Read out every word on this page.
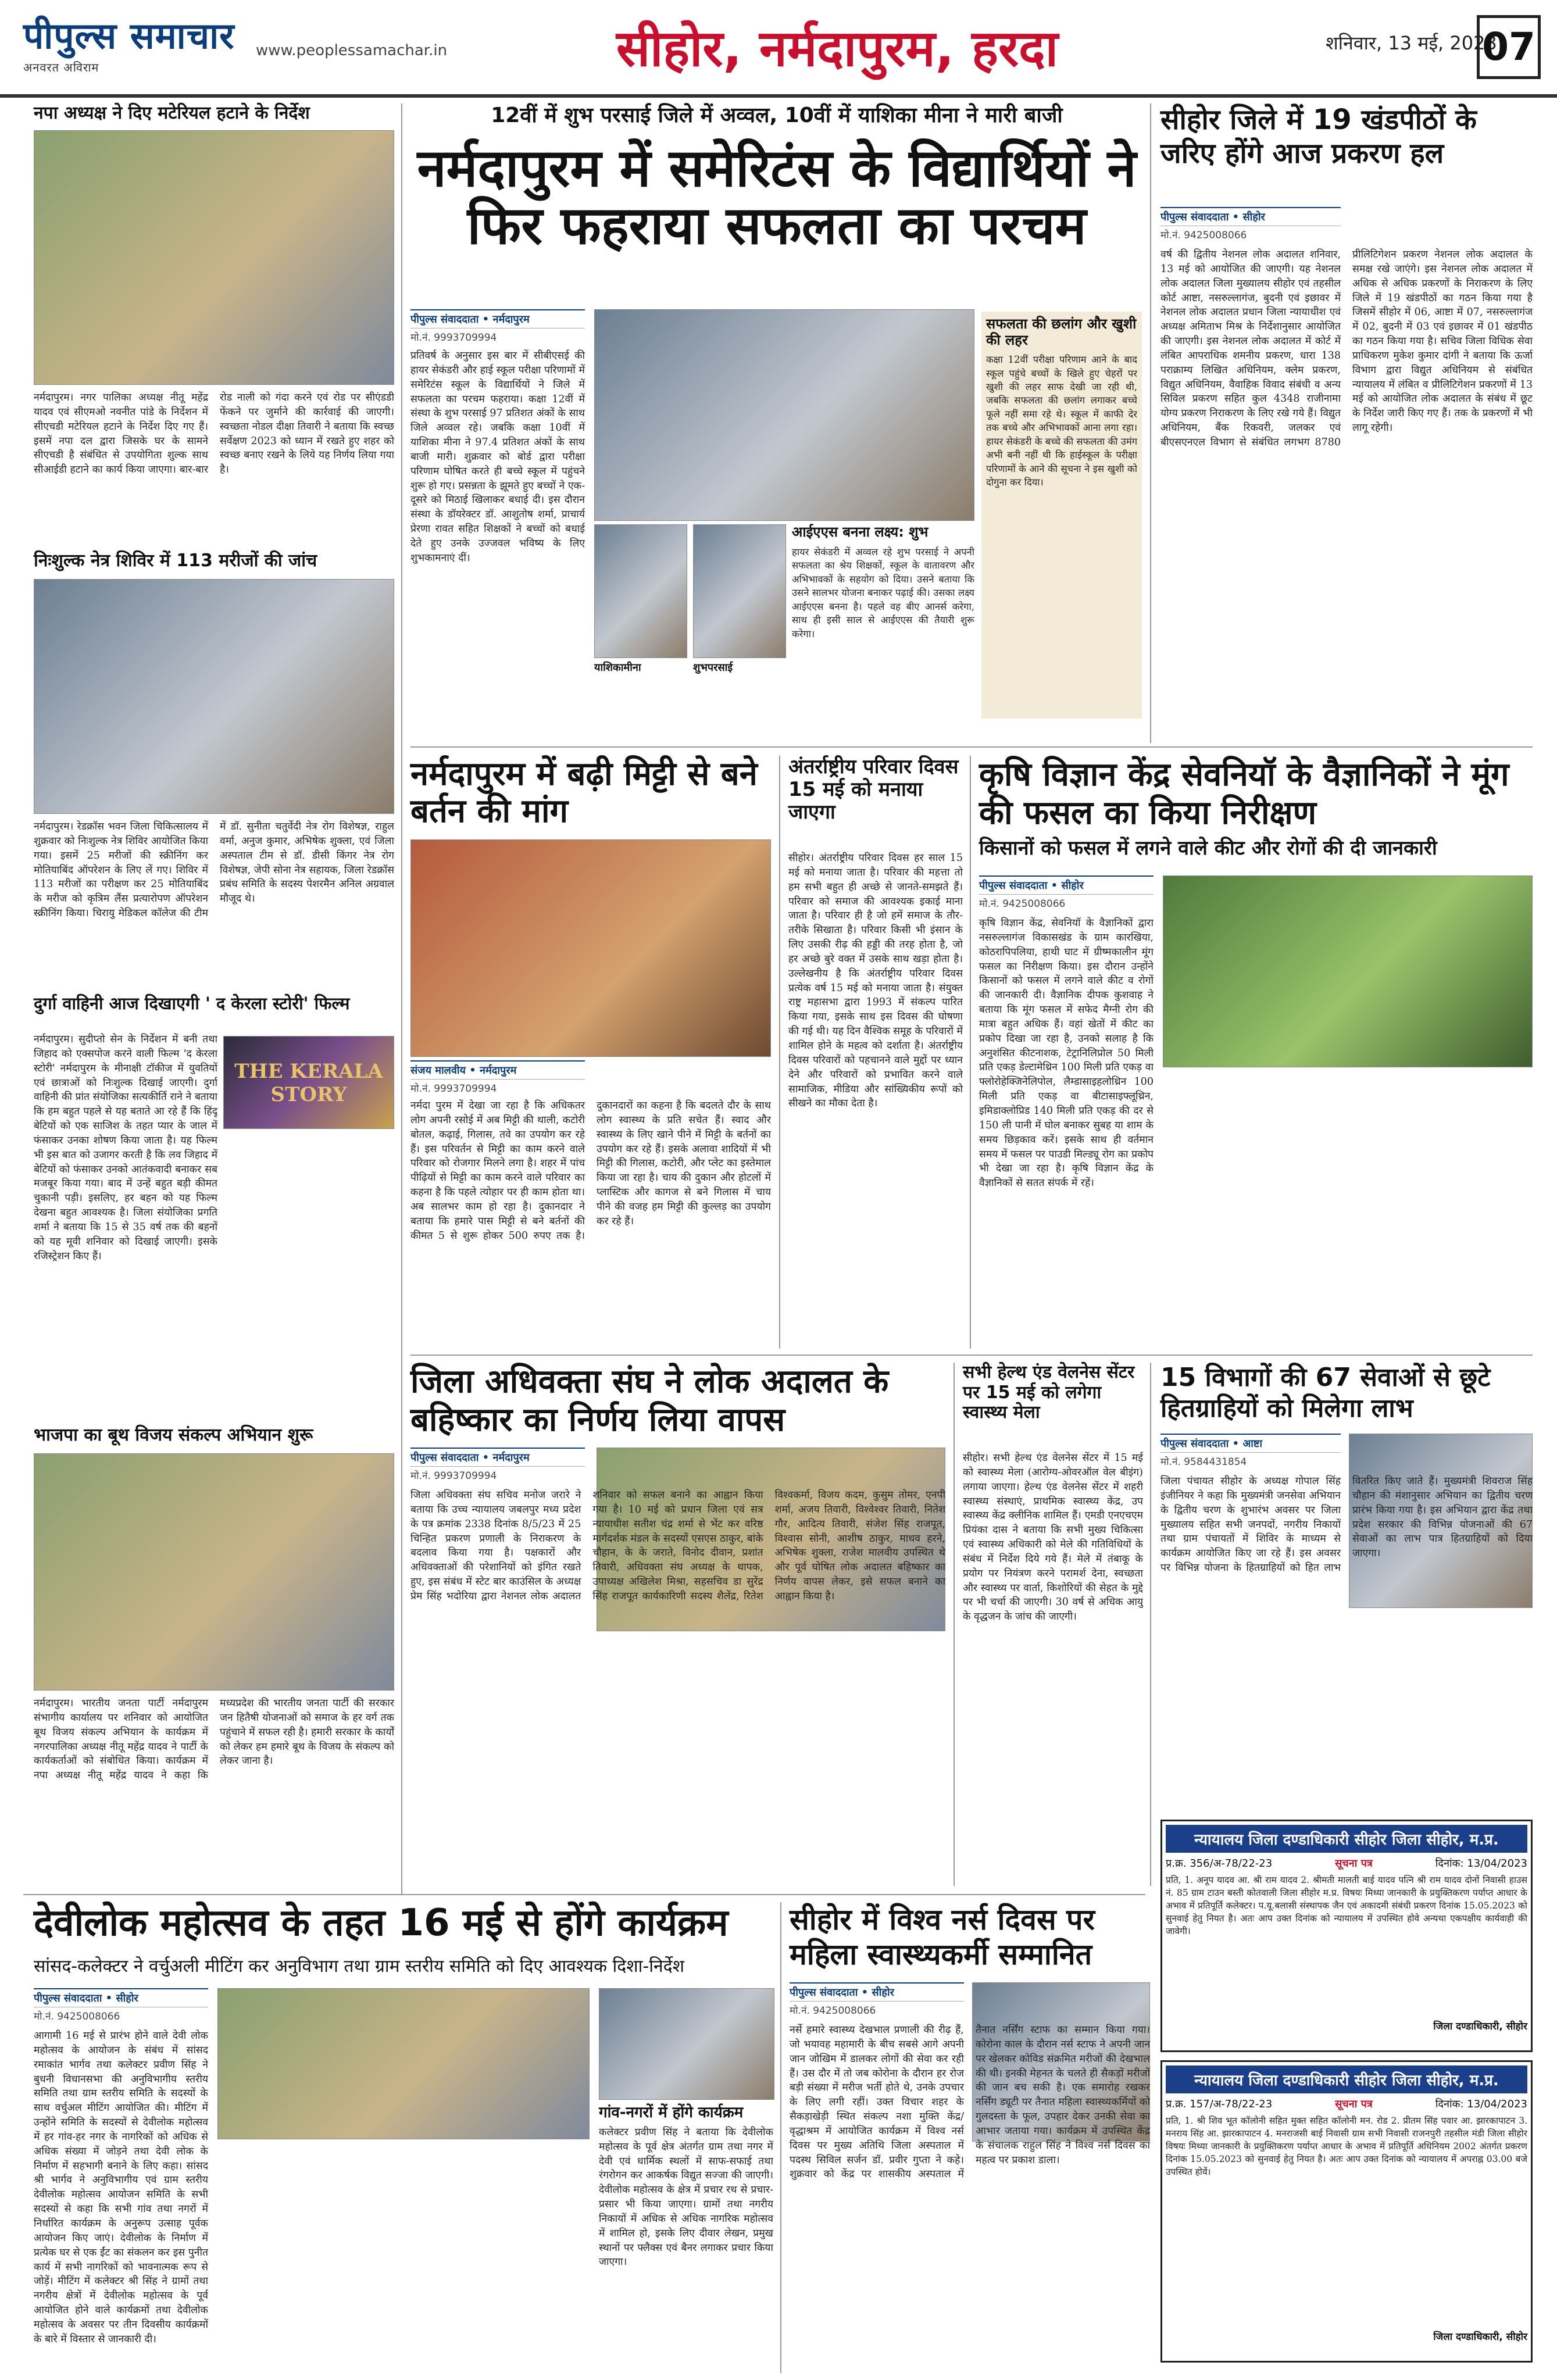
पीपुल्स समाचार
अनवरत अविराम
www.peoplessamachar.in	सीहोर, नर्मदापुरम, हरदा	शनिवार, 13 मई, 2023
07
नपा अध्यक्ष ने दिए मटेरियल हटाने के निर्देश
नर्मदापुरम। नगर पालिका अध्यक्ष नीतू महेंद्र यादव एवं सीएमओ नवनीत पांडे के निर्देशन में सीएचडी मटेरियल हटाने के निर्देश दिए गए हैं। इसमें नपा दल द्वारा जिसके घर के सामने सीएचडी है संबंधित से उपयोगिता शुल्क साथ सीआईडी हटाने का कार्य किया जाएगा। बार-बार रोड नाली को गंदा करने एवं रोड पर सीएंडडी फेंकने पर जुर्माने की कार्रवाई की जाएगी। स्वच्छता नोडल दीक्षा तिवारी ने बताया कि स्वच्छ सर्वेक्षण 2023 को ध्यान में रखते हुए शहर को स्वच्छ बनाए रखने के लिये यह निर्णय लिया गया है।
निःशुल्क नेत्र शिविर में 113 मरीजों की जांच
नर्मदापुरम। रेडक्रॉस भवन जिला चिकित्सालय में शुक्रवार को निःशुल्क नेत्र शिविर आयोजित किया गया। इसमें 25 मरीजों की स्क्रीनिंग कर मोतियाबिंद ऑपरेशन के लिए लें गए। शिविर में 113 मरीजों का परीक्षण कर 25 मोतियाबिंद के मरीज को कृत्रिम लैंस प्रत्यारोपण ऑपरेशन स्क्रीनिंग किया। चिरायु मेडिकल कॉलेज की टीम में डॉ. सुनीता चतुर्वेदी नेत्र रोग विशेषज्ञ, राहुल वर्मा, अनुज कुमार, अभिषेक शुक्ला, एवं जिला अस्पताल टीम से डॉ. डीसी किंगर नेत्र रोग विशेषज्ञ, जेपी सोना नेत्र सहायक, जिला रेडक्रॉस प्रबंध समिति के सदस्य पेशरमैन अनिल अग्रवाल मौजूद थे।
दुर्गा वाहिनी आज दिखाएगी ' द केरला स्टोरी' फिल्म
THE KERALA STORY
नर्मदापुरम। सुदीप्तो सेन के निर्देशन में बनी तथा जिहाद को एक्सपोज करने वाली फिल्म 'द केरला स्टोरी' नर्मदापुरम के मीनाक्षी टॉकीज में युवतियों एवं छात्राओं को निःशुल्क दिखाई जाएगी। दुर्गा वाहिनी की प्रांत संयोजिका सत्यकीर्ति राने ने बताया कि हम बहुत पहले से यह बताते आ रहे हैं कि हिंदू बेटियों को एक साजिश के तहत प्यार के जाल में फंसाकर उनका शोषण किया जाता है। यह फिल्म भी इस बात को उजागर करती है कि लव जिहाद में बेटियों को फंसाकर उनको आतंकवादी बनाकर सब मजबूर किया गया। बाद में उन्हें बहुत बड़ी कीमत चुकानी पड़ी। इसलिए, हर बहन को यह फिल्म देखना बहुत आवश्यक है। जिला संयोजिका प्रगति शर्मा ने बताया कि 15 से 35 वर्ष तक की बहनों को यह मूवी शनिवार को दिखाई जाएगी। इसके रजिस्ट्रेशन किए हैं।
भाजपा का बूथ विजय संकल्प अभियान शुरू
नर्मदापुरम। भारतीय जनता पार्टी नर्मदापुरम संभागीय कार्यालय पर शनिवार को आयोजित बूथ विजय संकल्प अभियान के कार्यक्रम में नगरपालिका अध्यक्ष नीतू महेंद्र यादव ने पार्टी के कार्यकर्ताओं को संबोधित किया। कार्यक्रम में नपा अध्यक्ष नीतू महेंद्र यादव ने कहा कि मध्यप्रदेश की भारतीय जनता पार्टी की सरकार जन हितैषी योजनाओं को समाज के हर वर्ग तक पहुंचाने में सफल रही है। हमारी सरकार के कार्यों को लेकर हम हमारे बूथ के विजय के संकल्प को लेकर जाना है।
12वीं में शुभ परसाई जिले में अव्वल, 10वीं में याशिका मीना ने मारी बाजी
नर्मदापुरम में समेरिटंस के विद्यार्थियों ने फिर फहराया सफलता का परचम
पीपुल्स संवाददाता • नर्मदापुरम
मो.नं. 9993709994
प्रतिवर्ष के अनुसार इस बार में सीबीएसई की हायर सेकंडरी और हाई स्कूल परीक्षा परिणामों में समेरिटंस स्कूल के विद्यार्थियों ने जिले में सफलता का परचम फहराया। कक्षा 12वीं में संस्था के शुभ परसाई 97 प्रतिशत अंकों के साथ जिले अव्वल रहे। जबकि कक्षा 10वीं में याशिका मीना ने 97.4 प्रतिशत अंकों के साथ बाजी मारी। शुक्रवार को बोर्ड द्वारा परीक्षा परिणाम घोषित करते ही बच्चे स्कूल में पहुंचने शुरू हो गए। प्रसन्नता के झूमते हुए बच्चों ने एक-दूसरे को मिठाई खिलाकर बधाई दी। इस दौरान संस्था के डॉयरेक्टर डॉ. आशुतोष शर्मा, प्राचार्य प्रेरणा रावत सहित शिक्षकों ने बच्चों को बधाई देते हुए उनके उज्जवल भविष्य के लिए शुभकामनाएं दीं।
याशिकामीना	शुभपरसाई
आईएएस बनना लक्ष्य: शुभ
हायर सेकंडरी में अव्वल रहे शुभ परसाई ने अपनी सफलता का श्रेय शिक्षकों, स्कूल के वातावरण और अभिभावकों के सहयोग को दिया। उसने बताया कि उसने सालभर योजना बनाकर पढ़ाई की। उसका लक्ष्य आईएएस बनना है। पहले वह बीए आनर्स करेगा, साथ ही इसी साल से आईएएस की तैयारी शुरू करेगा।
सफलता की छलांग और खुशी की लहर
कक्षा 12वीं परीक्षा परिणाम आने के बाद स्कूल पहुंचे बच्चों के खिले हुए चेहरों पर खुशी की लहर साफ देखी जा रही थी, जबकि सफलता की छलांग लगाकर बच्चे फूले नहीं समा रहे थे। स्कूल में काफी देर तक बच्चे और अभिभावकों आना लगा रहा। हायर सेकंडरी के बच्चे की सफलता की उमंग अभी बनी नहीं थी कि हाईस्कूल के परीक्षा परिणामों के आने की सूचना ने इस खुशी को दोगुना कर दिया।
सीहोर जिले में 19 खंडपीठों के जरिए होंगे आज प्रकरण हल
पीपुल्स संवाददाता • सीहोर
मो.नं. 9425008066
वर्ष की द्वितीय नेशनल लोक अदालत शनिवार, 13 मई को आयोजित की जाएगी। यह नेशनल लोक अदालत जिला मुख्यालय सीहोर एवं तहसील कोर्ट आष्टा, नसरुल्लागंज, बुदनी एवं इछावर में नेशनल लोक अदालत प्रधान जिला न्यायाधीश एवं अध्यक्ष अमिताभ मिश्र के निर्देशानुसार आयोजित की जाएगी। इस नेशनल लोक अदालत में कोर्ट में लंबित आपराधिक शमनीय प्रकरण, धारा 138 पराक्राम्य लिखित अधिनियम, क्लेम प्रकरण, विद्युत अधिनियम, वैवाहिक विवाद संबंधी व अन्य सिविल प्रकरण सहित कुल 4348 राजीनामा योग्य प्रकरण निराकरण के लिए रखे गये हैं। विद्युत अधिनियम, बैंक रिकवरी, जलकर एवं बीएसएनएल विभाग से संबंधित लगभग 8780 प्रीलिटिगेशन प्रकरण नेशनल लोक अदालत के समक्ष रखे जाएंगे। इस नेशनल लोक अदालत में अधिक से अधिक प्रकरणों के निराकरण के लिए जिले में 19 खंडपीठों का गठन किया गया है जिसमें सीहोर में 06, आष्टा में 07, नसरुल्लागंज में 02, बुदनी में 03 एवं इछावर में 01 खंडपीठ का गठन किया गया है। सचिव जिला विधिक सेवा प्राधिकरण मुकेश कुमार दांगी ने बताया कि ऊर्जा विभाग द्वारा विद्युत अधिनियम से संबंधित न्यायालय में लंबित व प्रीलिटिगेशन प्रकरणों में 13 मई को आयोजित लोक अदालत के संबंध में छूट के निर्देश जारी किए गए हैं। तक के प्रकरणों में भी लागू रहेगी।
नर्मदापुरम में बढ़ी मिट्टी से बने बर्तन की मांग
संजय मालवीय • नर्मदापुरम
मो.नं. 9993709994
नर्मदा पुरम में देखा जा रहा है कि अधिकतर लोग अपनी रसोई में अब मिट्टी की थाली, कटोरी बोतल, कढ़ाई, गिलास, तवे का उपयोग कर रहे हैं। इस परिवर्तन से मिट्टी का काम करने वाले परिवार को रोजगार मिलने लगा है। शहर में पांच पीढ़ियों से मिट्टी का काम करने वाले परिवार का कहना है कि पहले त्योहार पर ही काम होता था। अब सालभर काम हो रहा है। दुकानदार ने बताया कि हमारे पास मिट्टी से बने बर्तनों की कीमत 5 से शुरू होकर 500 रुपए तक है। दुकानदारों का कहना है कि बदलते दौर के साथ लोग स्वास्थ्य के प्रति सचेत हैं। स्वाद और स्वास्थ्य के लिए खाने पीने में मिट्टी के बर्तनों का उपयोग कर रहे हैं। इसके अलावा शादियों में भी मिट्टी की गिलास, कटोरी, और प्लेट का इस्तेमाल किया जा रहा है। चाय की दुकान और होटलों में प्लास्टिक और कागज से बने गिलास में चाय पीने की वजह हम मिट्टी की कुल्लड़ का उपयोग कर रहे हैं।
अंतर्राष्ट्रीय परिवार दिवस 15 मई को मनाया जाएगा
सीहोर। अंतर्राष्ट्रीय परिवार दिवस हर साल 15 मई को मनाया जाता है। परिवार की महत्ता तो हम सभी बहुत ही अच्छे से जानते-समझते हैं। परिवार को समाज की आवश्यक इकाई माना जाता है। परिवार ही है जो हमें समाज के तौर-तरीके सिखाता है। परिवार किसी भी इंसान के लिए उसकी रीढ़ की हड्डी की तरह होता है, जो हर अच्छे बुरे वक्त में उसके साथ खड़ा होता है। उल्लेखनीय है कि अंतर्राष्ट्रीय परिवार दिवस प्रत्येक वर्ष 15 मई को मनाया जाता है। संयुक्त राष्ट्र महासभा द्वारा 1993 में संकल्प पारित किया गया, इसके साथ इस दिवस की घोषणा की गई थी। यह दिन वैश्विक समूह के परिवारों में शामिल होने के महत्व को दर्शाता है। अंतर्राष्ट्रीय दिवस परिवारों को पहचानने वाले मुद्दों पर ध्यान देने और परिवारों को प्रभावित करने वाले सामाजिक, मीडिया और सांख्यिकीय रूपों को सीखने का मौका देता है।
कृषि विज्ञान केंद्र सेवनियॉ के वैज्ञानिकों ने मूंग की फसल का किया निरीक्षण
किसानों को फसल में लगने वाले कीट और रोगों की दी जानकारी
पीपुल्स संवाददाता • सीहोर
मो.नं. 9425008066
कृषि विज्ञान केंद्र, सेवनियॉ के वैज्ञानिकों द्वारा नसरुल्लागंज विकासखंड के ग्राम कारखिया, कोठरापिपलिया, हाथी घाट में ग्रीष्मकालीन मूंग फसल का निरीक्षण किया। इस दौरान उन्होंने किसानों को फसल में लगने वाले कीट व रोगों की जानकारी दी। वैज्ञानिक दीपक कुशवाह ने बताया कि मूंग फसल में सफेद मैग्नी रोग की मात्रा बहुत अधिक हैं। वहां खेतों में कीट का प्रकोप दिखा जा रहा है, उनको सलाह है कि अनुशंसित कीटनाशक, टेट्रानिलिप्रोल 50 मिली प्रति एकड़ डेल्टामेथ्रिन 100 मिली प्रति एकड़ वा फ्लोरोहेक्जिनेलिपोल, लैम्डासाइहलोथ्रिन 100 मिली प्रति एकड़ वा बीटासाइफ्लूथ्रिन, इमिडाक्लोप्रिड 140 मिली प्रति एकड़ की दर से 150 ली पानी में घोल बनाकर सुबह या शाम के समय छिड़काव करें। इसके साथ ही वर्तमान समय में फसल पर पाउडी मिल्ड्यू रोग का प्रकोप भी देखा जा रहा है। कृषि विज्ञान केंद्र के वैज्ञानिकों से सतत संपर्क में रहें।
जिला अधिवक्ता संघ ने लोक अदालत के बहिष्कार का निर्णय लिया वापस
पीपुल्स संवाददाता • नर्मदापुरम
मो.नं. 9993709994
जिला अधिवक्ता संघ सचिव मनोज जरारे ने बताया कि उच्च न्यायालय जबलपुर मध्य प्रदेश के पत्र क्रमांक 2338 दिनांक 8/5/23 में 25 चिन्हित प्रकरण प्रणाली के निराकरण के बदलाव किया गया है। पक्षकारों और अधिवक्ताओं की परेशानियों को इंगित रखते हुए, इस संबंध में स्टेट बार काउंसिल के अध्यक्ष प्रेम सिंह भदोरिया द्वारा नेशनल लोक अदालत शनिवार को सफल बनाने का आह्वान किया गया है। 10 मई को प्रधान जिला एवं सत्र न्यायाधीश सतीश चंद्र शर्मा से भेंट कर वरिष्ठ मार्गदर्शक मंडल के सदस्यों एसएस ठाकुर, बांके चौहान, के के जराते, विनोद दीवान, प्रशांत तिवारी, अधिवक्ता संघ अध्यक्ष के थापक, उपाध्यक्ष अखिलेश मिश्रा, सहसचिव डा सुरेंद्र सिंह राजपूत कार्यकारिणी सदस्य शैलेंद्र, रितेश विश्वकर्मा, विजय कदम, कुसुम तोमर, एनपी शर्मा, अजय तिवारी, विश्वेश्वर तिवारी, नितेश गौर, आदित्य तिवारी, संजेश सिंह राजपूत, विश्वास सोनी, आशीष ठाकुर, माधव हरने, अभिषेक शुक्ला, राजेश मालवीय उपस्थित थे और पूर्व घोषित लोक अदालत बहिष्कार का निर्णय वापस लेकर, इसे सफल बनाने का आह्वान किया है।
सभी हेल्थ एंड वेलनेस सेंटर पर 15 मई को लगेगा स्वास्थ्य मेला
सीहोर। सभी हेल्थ एंड वेलनेस सेंटर में 15 मई को स्वास्थ्य मेला (आरोग्य-ओवरऑल वेल बीइंग) लगाया जाएगा। हेल्थ एंड वेलनेस सेंटर में शहरी स्वास्थ्य संस्थाएं, प्राथमिक स्वास्थ्य केंद्र, उप स्वास्थ्य केंद्र क्लीनिक शामिल हैं। एमडी एनएचएम प्रियंका दास ने बताया कि सभी मुख्य चिकित्सा एवं स्वास्थ्य अधिकारी को मेले की गतिविधियों के संबंध में निर्देश दिये गये हैं। मेले में तंबाकू के प्रयोग पर नियंत्रण करने परामर्श देना, स्वच्छता और स्वास्थ्य पर वार्ता, किशोरियों की सेहत के मुद्दे पर भी चर्चा की जाएगी। 30 वर्ष से अधिक आयु के वृद्धजन के जांच की जाएगी।
15 विभागों की 67 सेवाओं से छूटे हितग्राहियों को मिलेगा लाभ
पीपुल्स संवाददाता • आष्टा
मो.नं. 9584431854
जिला पंचायत सीहोर के अध्यक्ष गोपाल सिंह इंजीनियर ने कहा कि मुख्यमंत्री जनसेवा अभियान के द्वितीय चरण के शुभारंभ अवसर पर जिला मुख्यालय सहित सभी जनपदों, नगरीय निकायों तथा ग्राम पंचायतों में शिविर के माध्यम से कार्यक्रम आयोजित किए जा रहे हैं। इस अवसर पर विभिन्न योजना के हितग्राहियों को हित लाभ वितरित किए जाते हैं। मुख्यमंत्री शिवराज सिंह चौहान की मंशानुसार अभियान का द्वितीय चरण प्रारंभ किया गया है। इस अभियान द्वारा केंद्र तथा प्रदेश सरकार की विभिन्न योजनाओं की 67 सेवाओं का लाभ पात्र हितग्राहियों को दिया जाएगा।
न्यायालय जिला दण्डाधिकारी सीहोर जिला सीहोर, म.प्र.
प्र.क्र. 356/अ-78/22-23	सूचना पत्र	दिनांक: 13/04/2023
प्रति, 1. अनूप यादव आ. श्री राम यादव 2. श्रीमती मालती बाई यादव पत्नि श्री राम यादव दोनों निवासी हाउस नं. 85 ग्राम टाउन बस्ती कोतवाली जिला सीहोर म.प्र. विषयः मिथ्या जानकारी के प्रयुक्तिकरण पर्याप्त आधार के अभाव में प्रतिपूर्ति कलेक्टर। प.यू.बलासी संस्थापक जैन एवं अकादमी संबंधी प्रकरण दिनांक 15.05.2023 को सुनवाई हेतु नियत है। अतः आप उक्त दिनांक को न्यायालय में उपस्थित होवे अन्यथा एकपक्षीय कार्यवाही की जावेगी।
जिला दण्डाधिकारी, सीहोर
न्यायालय जिला दण्डाधिकारी सीहोर जिला सीहोर, म.प्र.
प्र.क्र. 157/अ-78/22-23	सूचना पत्र	दिनांक: 13/04/2023
प्रति, 1. श्री शिव भूत कॉलोनी सहित मुक्त सहित कॉलोनी मन. रोड 2. प्रीतम सिंह पवार आ. झारकापाटन 3. मनराय सिंह आ. झारकापाटन 4. मनराजसी बाई निवासी ग्राम सभी निवासी राजनपुरी तहसील मंडी जिला सीहोर विषयः मिथ्या जानकारी के प्रयुक्तिकरण पर्याप्त आधार के अभाव में प्रतिपूर्ति अधिनियम 2002 अंतर्गत प्रकरण दिनांक 15.05.2023 को सुनवाई हेतु नियत है। अतः आप उक्त दिनांक को न्यायालय में अपराह्न 03.00 बजे उपस्थित होवें।
जिला दण्डाधिकारी, सीहोर
देवीलोक महोत्सव के तहत 16 मई से होंगे कार्यक्रम
सांसद-कलेक्टर ने वर्चुअली मीटिंग कर अनुविभाग तथा ग्राम स्तरीय समिति को दिए आवश्यक दिशा-निर्देश
पीपुल्स संवाददाता • सीहोर
मो.नं. 9425008066
आगामी 16 मई से प्रारंभ होने वाले देवी लोक महोत्सव के आयोजन के संबंध में सांसद रमाकांत भार्गव तथा कलेक्टर प्रवीण सिंह ने बुधनी विधानसभा की अनुविभागीय स्तरीय समिति तथा ग्राम स्तरीय समिति के सदस्यों के साथ वर्चुअल मीटिंग आयोजित की। मीटिंग में उन्होंने समिति के सदस्यों से देवीलोक महोत्सव में हर गांव-हर नगर के नागरिकों को अधिक से अधिक संख्या में जोड़ने तथा देवी लोक के निर्माण में सहभागी बनाने के लिए कहा। सांसद श्री भार्गव ने अनुविभागीय एवं ग्राम स्तरीय देवीलोक महोत्सव आयोजन समिति के सभी सदस्यों से कहा कि सभी गांव तथा नगरों में निर्धारित कार्यक्रम के अनुरूप उत्साह पूर्वक आयोजन किए जाएं। देवीलोक के निर्माण में प्रत्येक घर से एक ईंट का संकलन कर इस पुनीत कार्य में सभी नागरिकों को भावनात्मक रूप से जोड़ें। मीटिंग में कलेक्टर श्री सिंह ने ग्रामों तथा नगरीय क्षेत्रों में देवीलोक महोत्सव के पूर्व आयोजित होने वाले कार्यक्रमों तथा देवीलोक महोत्सव के अवसर पर तीन दिवसीय कार्यक्रमों के बारे में विस्तार से जानकारी दी।
गांव-नगरों में होंगे कार्यक्रम
कलेक्टर प्रवीण सिंह ने बताया कि देवीलोक महोत्सव के पूर्व क्षेत्र अंतर्गत ग्राम तथा नगर में देवी एवं धार्मिक स्थलों में साफ-सफाई तथा रंगरोगन कर आकर्षक विद्युत सज्जा की जाएगी। देवीलोक महोत्सव के क्षेत्र में प्रचार रथ से प्रचार-प्रसार भी किया जाएगा। ग्रामों तथा नगरीय निकायों में अधिक से अधिक नागरिक महोत्सव में शामिल हो, इसके लिए दीवार लेखन, प्रमुख स्थानों पर फ्लैक्स एवं बैनर लगाकर प्रचार किया जाएगा।
सीहोर में विश्व नर्स दिवस पर महिला स्वास्थ्यकर्मी सम्मानित
पीपुल्स संवाददाता • सीहोर
मो.नं. 9425008066
नर्से हमारे स्वास्थ्य देखभाल प्रणाली की रीढ़ हैं, जो भयावह महामारी के बीच सबसे आगे अपनी जान जोखिम में डालकर लोगों की सेवा कर रही हैं। उस दौर में तो जब कोरोना के दौरान हर रोज बड़ी संख्या में मरीज भर्ती होते थे, उनके उपचार के लिए लगी रहीं। उक्त विचार शहर के सैकड़ाखेड़ी स्थित संकल्प नशा मुक्ति केंद्र/वृद्धाश्रम में आयोजित कार्यक्रम में विश्व नर्स दिवस पर मुख्य अतिथि जिला अस्पताल में पदस्थ सिविल सर्जन डॉ. प्रवीर गुप्ता ने कहे। शुक्रवार को केंद्र पर शासकीय अस्पताल में तैनात नर्सिंग स्टाफ का सम्मान किया गया। कोरोना काल के दौरान नर्स स्टाफ ने अपनी जान पर खेलकर कोविड संक्रमित मरीजों की देखभाल की थी। इनकी मेहनत के चलते ही सैकड़ों मरीजों की जान बच सकी है। एक समारोह रखकर नर्सिंग ड्यूटी पर तैनात महिला स्वास्थ्यकर्मियों को गुलदस्ता के फूल, उपहार देकर उनकी सेवा का आभार जताया गया। कार्यक्रम में उपस्थित केंद्र के संचालक राहुल सिंह ने विश्व नर्स दिवस का महत्व पर प्रकाश डाला।
